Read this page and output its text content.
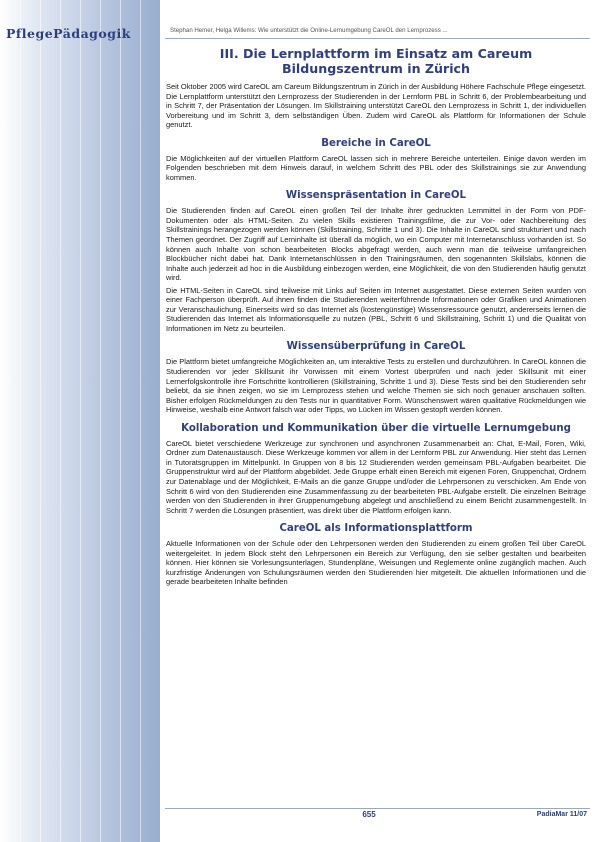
PflegePädagogik	Stephan Hemer, Helga Willems: Wie unterstützt die Online-Lernumgebung CareOL den Lernprozess ...
III. Die Lernplattform im Einsatz am Careum Bildungszentrum in Zürich

Seit Oktober 2005 wird CareOL am Careum Bildungszentrum in Zürich in der Ausbildung Höhere Fachschule Pflege eingesetzt. Die Lernplattform unterstützt den Lernprozess der Studierenden in der Lernform PBL in Schritt 6, der Problembearbeitung und in Schritt 7, der Präsentation der Lösungen. Im Skillstraining unterstützt CareOL den Lernprozess in Schritt 1, der individuellen Vorbereitung und im Schritt 3, dem selbständigen Üben. Zudem wird CareOL als Plattform für Informationen der Schule genutzt.

Bereiche in CareOL

Die Möglichkeiten auf der virtuellen Plattform CareOL lassen sich in mehrere Bereiche unterteilen. Einige davon werden im Folgenden beschrieben mit dem Hinweis darauf, in welchem Schritt des PBL oder des Skillstrainings sie zur Anwendung kommen.

Wissenspräsentation in CareOL

Die Studierenden finden auf CareOL einen großen Teil der Inhalte ihrer gedruckten Lernmittel in der Form von PDF-Dokumenten oder als HTML-Seiten. Zu vielen Skills existieren Trainingsfilme, die zur Vor- oder Nachbereitung des Skillstrainings herangezogen werden können (Skillstraining, Schritte 1 und 3). Die Inhalte in CareOL sind strukturiert und nach Themen geordnet. Der Zugriff auf Lerninhalte ist überall da möglich, wo ein Computer mit Internetanschluss vorhanden ist. So können auch Inhalte von schon bearbeiteten Blocks abgefragt werden, auch wenn man die teilweise umfangreichen Blockbücher nicht dabei hat. Dank Internetanschlüssen in den Trainingsräumen, den sogenannten Skillslabs, können die Inhalte auch jederzeit ad hoc in die Ausbildung einbezogen werden, eine Möglichkeit, die von den Studierenden häufig genutzt wird.

Die HTML-Seiten in CareOL sind teilweise mit Links auf Seiten im Internet ausgestattet. Diese externen Seiten wurden von einer Fachperson überprüft. Auf ihnen finden die Studierenden weiterführende Informationen oder Grafiken und Animationen zur Veranschaulichung. Einerseits wird so das Internet als (kostengünstige) Wissensressource genutzt, andererseits lernen die Studierenden das Internet als Informationsquelle zu nutzen (PBL, Schritt 6 und Skillstraining, Schritt 1) und die Qualität von Informationen im Netz zu beurteilen.

Wissensüberprüfung in CareOL

Die Plattform bietet umfangreiche Möglichkeiten an, um interaktive Tests zu erstellen und durchzuführen. In CareOL können die Studierenden vor jeder Skillsunit ihr Vorwissen mit einem Vortest überprüfen und nach jeder Skillsunit mit einer Lernerfolgskontrolle ihre Fortschritte kontrollieren (Skillstraining, Schritte 1 und 3). Diese Tests sind bei den Studierenden sehr beliebt, da sie ihnen zeigen, wo sie im Lernprozess stehen und welche Themen sie sich noch genauer anschauen sollten. Bisher erfolgen Rückmeldungen zu den Tests nur in quantitativer Form. Wünschenswert wären qualitative Rückmeldungen wie Hinweise, weshalb eine Antwort falsch war oder Tipps, wo Lücken im Wissen gestopft werden können.

Kollaboration und Kommunikation über die virtuelle Lernumgebung

CareOL bietet verschiedene Werkzeuge zur synchronen und asynchronen Zusammenarbeit an: Chat, E-Mail, Foren, Wiki, Ordner zum Datenaustausch. Diese Werkzeuge kommen vor allem in der Lernform PBL zur Anwendung. Hier steht das Lernen in Tutoratsgruppen im Mittelpunkt. In Gruppen von 8 bis 12 Studierenden werden gemeinsam PBL-Aufgaben bearbeitet. Die Gruppenstruktur wird auf der Plattform abgebildet. Jede Gruppe erhält einen Bereich mit eigenen Foren, Gruppenchat, Ordnern zur Datenablage und der Möglichkeit, E-Mails an die ganze Gruppe und/oder die Lehrpersonen zu verschicken. Am Ende von Schritt 6 wird von den Studierenden eine Zusammenfassung zu der bearbeiteten PBL-Aufgabe erstellt. Die einzelnen Beiträge werden von den Studierenden in ihrer Gruppenumgebung abgelegt und anschließend zu einem Bericht zusammengestellt. In Schritt 7 werden die Lösungen präsentiert, was direkt über die Plattform erfolgen kann.

CareOL als Informationsplattform

Aktuelle Informationen von der Schule oder den Lehrpersonen werden den Studierenden zu einem großen Teil über CareOL weitergeleitet. In jedem Block steht den Lehrpersonen ein Bereich zur Verfügung, den sie selber gestalten und bearbeiten können. Hier können sie Vorlesungsunterlagen, Stundenpläne, Weisungen und Reglemente online zugänglich machen. Auch kurzfristige Änderungen von Schulungsräumen werden den Studierenden hier mitgeteilt. Die aktuellen Informationen und die gerade bearbeiteten Inhalte befinden

655	PadiaMar 11/07
